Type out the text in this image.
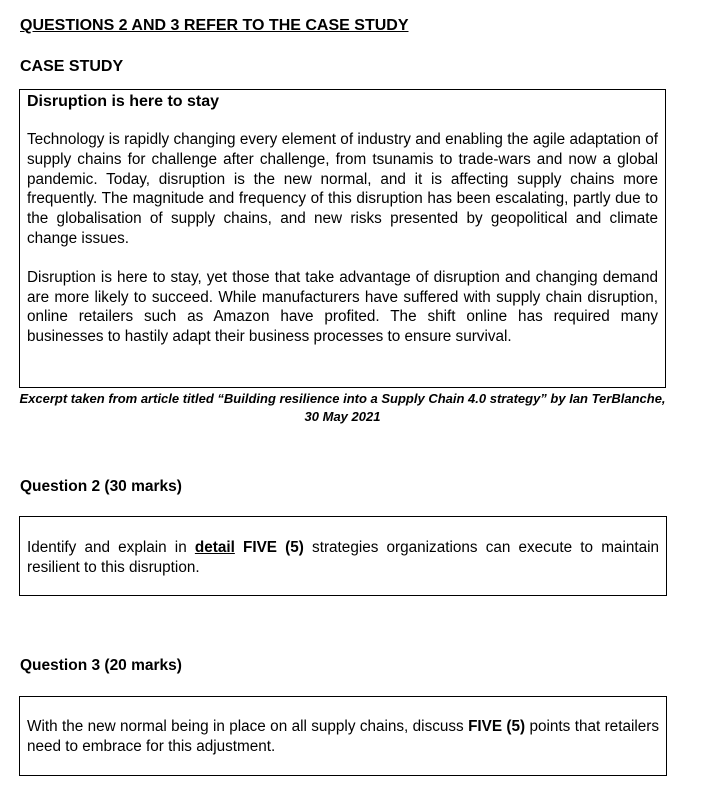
QUESTIONS 2 AND 3 REFER TO THE CASE STUDY
CASE STUDY
Disruption is here to stay

Technology is rapidly changing every element of industry and enabling the agile adaptation of supply chains for challenge after challenge, from tsunamis to trade-wars and now a global pandemic. Today, disruption is the new normal, and it is affecting supply chains more frequently. The magnitude and frequency of this disruption has been escalating, partly due to the globalisation of supply chains, and new risks presented by geopolitical and climate change issues.

Disruption is here to stay, yet those that take advantage of disruption and changing demand are more likely to succeed. While manufacturers have suffered with supply chain disruption, online retailers such as Amazon have profited. The shift online has required many businesses to hastily adapt their business processes to ensure survival.

Excerpt taken from article titled “Building resilience into a Supply Chain 4.0 strategy” by Ian TerBlanche, 30 May 2021
Question 2 (30 marks)

Identify and explain in detail FIVE (5) strategies organizations can execute to maintain resilient to this disruption.

Question 3 (20 marks)

With the new normal being in place on all supply chains, discuss FIVE (5) points that retailers need to embrace for this adjustment.
